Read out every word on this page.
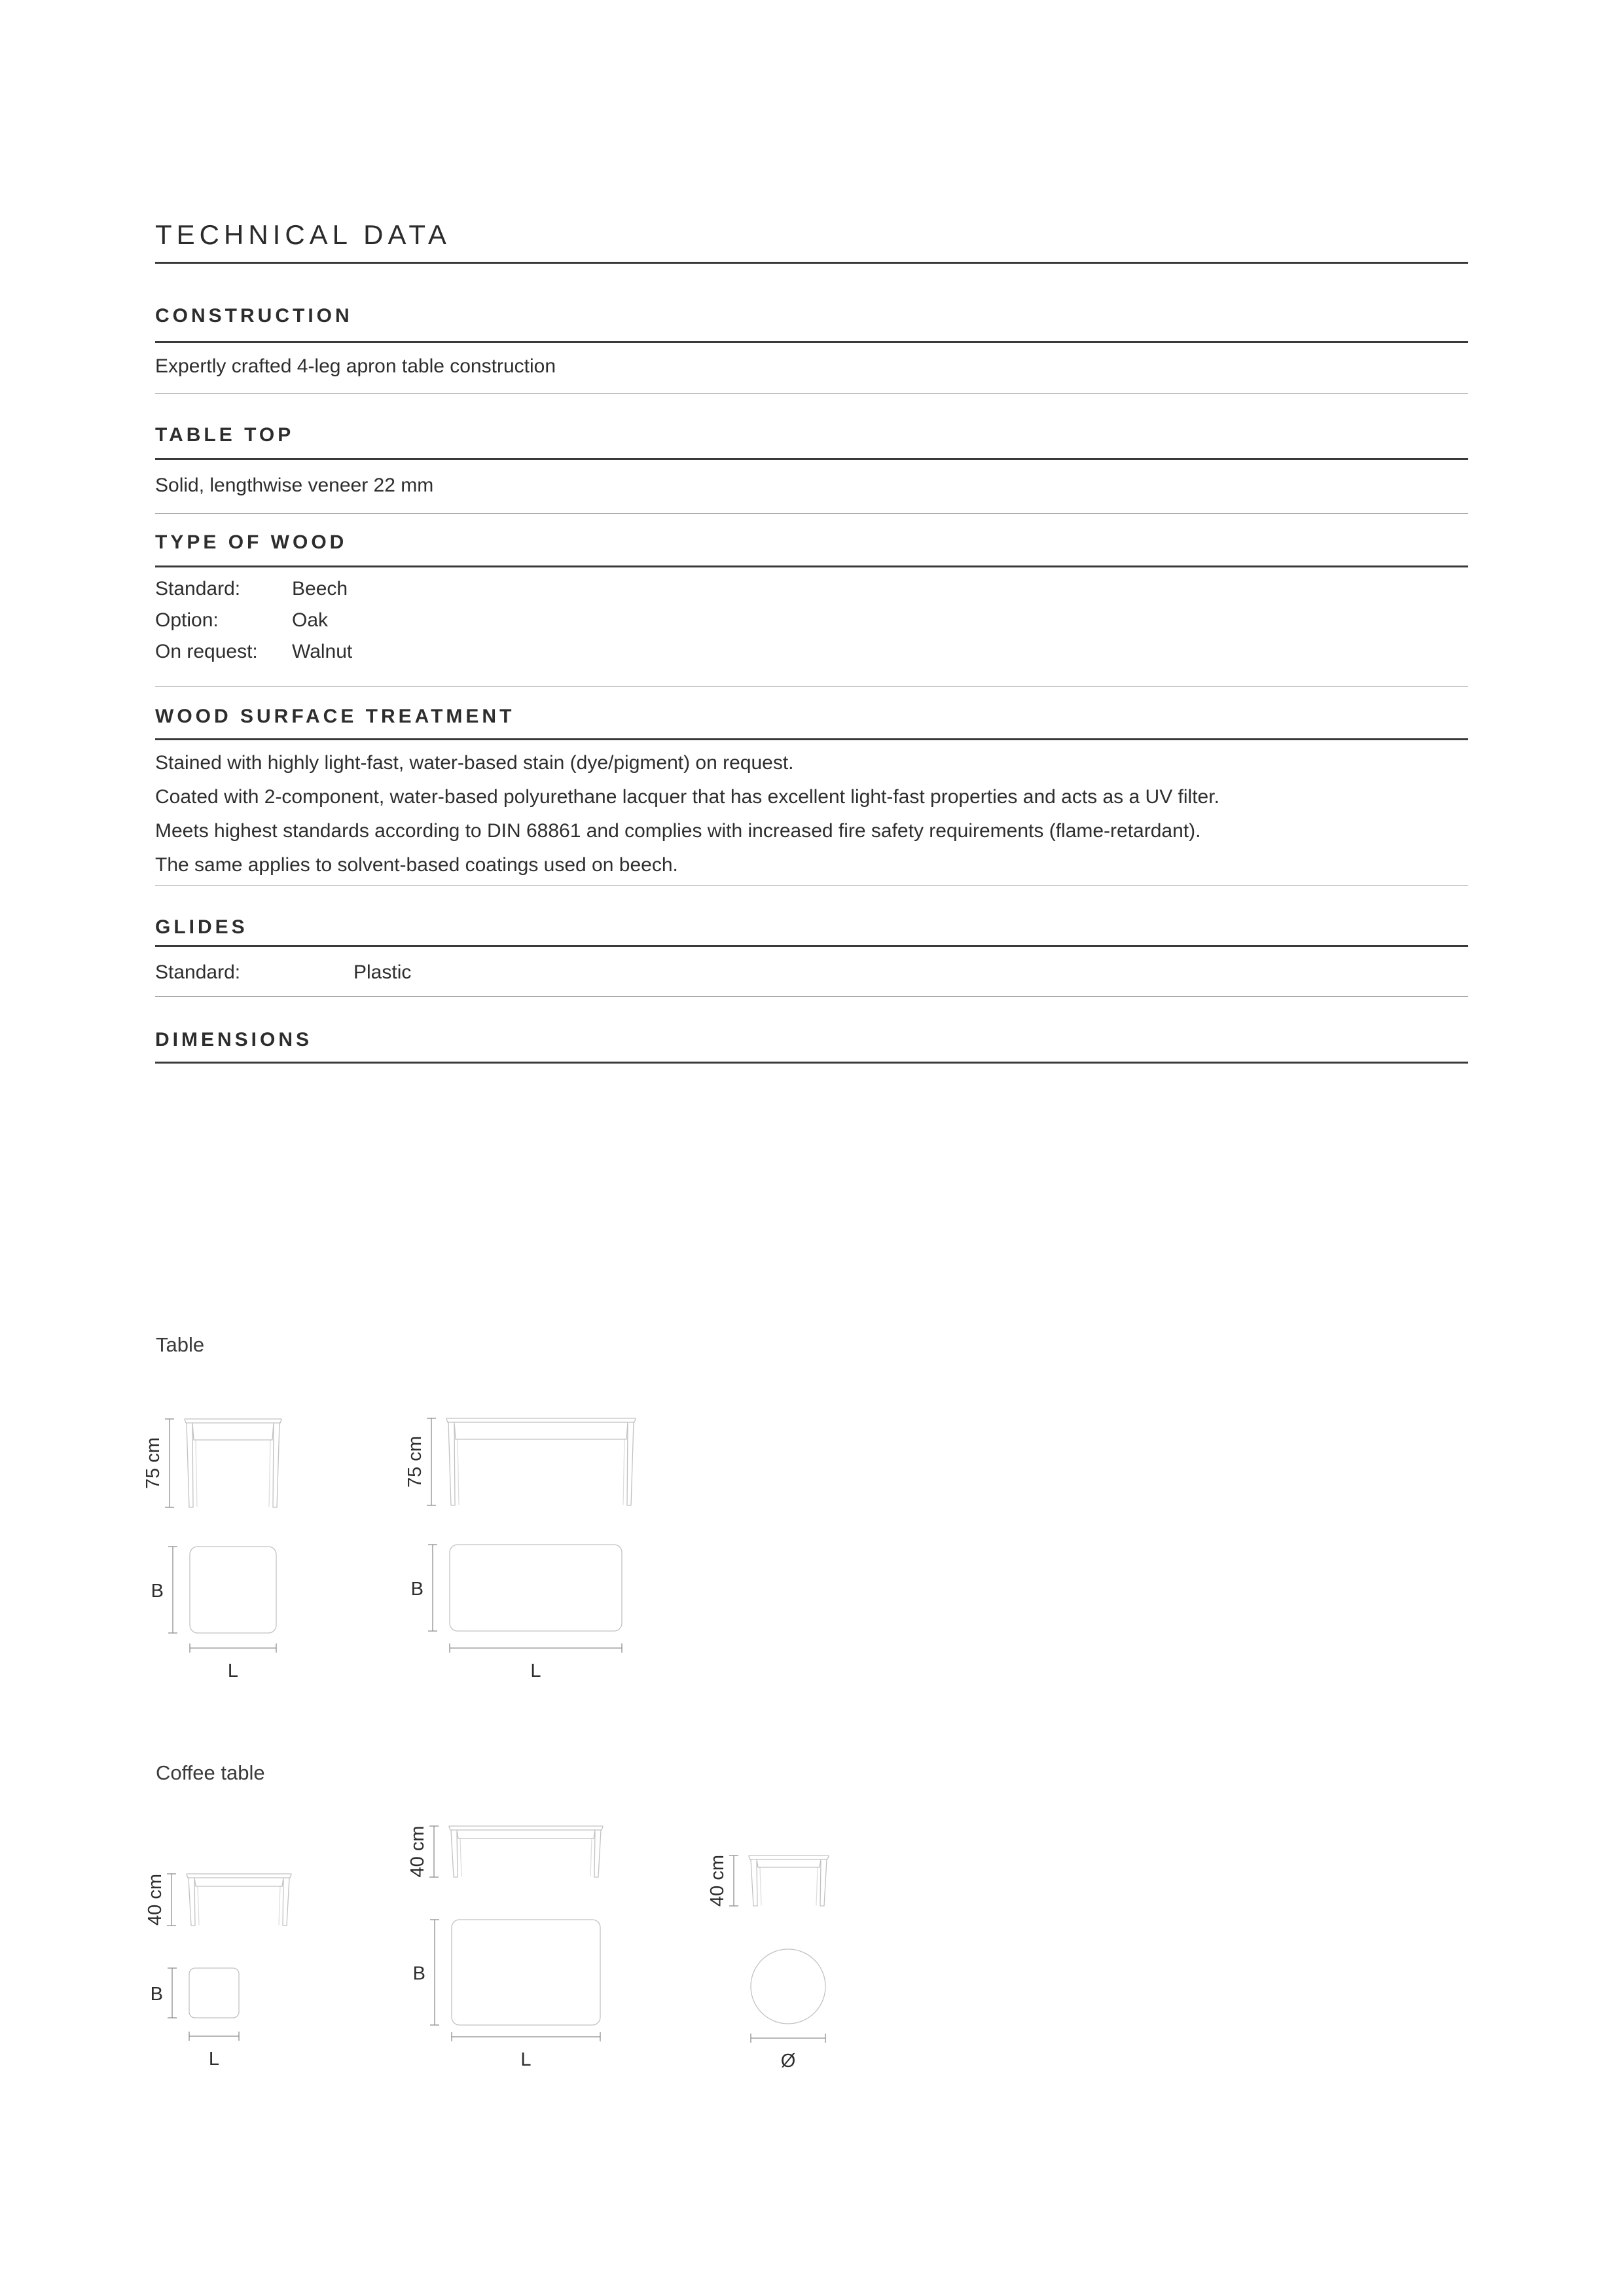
TECHNICAL DATA
CONSTRUCTION
Expertly crafted 4-leg apron table construction
TABLE TOP
Solid, lengthwise veneer 22 mm
TYPE OF WOOD
Standard:	Beech
Option:	Oak
On request:	Walnut
WOOD SURFACE TREATMENT
Stained with highly light-fast, water-based stain (dye/pigment) on request.
Coated with 2-component, water-based polyurethane lacquer that has excellent light-fast properties and acts as a UV filter.
Meets highest standards according to DIN 68861 and complies with increased fire safety requirements (flame-retardant).
The same applies to solvent-based coatings used on beech.
GLIDES
Standard:	Plastic
DIMENSIONS
Table
Coffee table
75 cm
B
L
75 cm
B
L
40 cm
B
L
40 cm
B
L
40 cm
Ø
